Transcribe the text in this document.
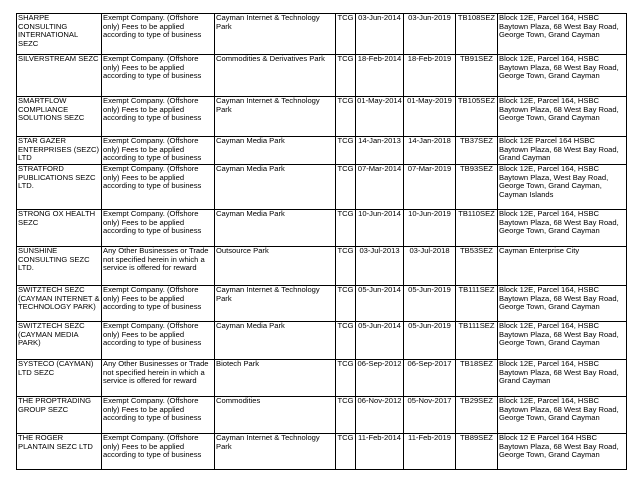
SHARPE CONSULTING INTERNATIONAL SEZC	Exempt Company. (Offshore only) Fees to be applied according to type of business	Cayman Internet & Technology Park	TCG	03-Jun-2014	03-Jun-2019	TB108SEZ	Block 12E, Parcel 164, HSBC Baytown Plaza, 68 West Bay Road, George Town, Grand Cayman
SILVERSTREAM SEZC	Exempt Company. (Offshore only) Fees to be applied according to type of business	Commodities & Derivatives Park	TCG	18-Feb-2014	18-Feb-2019	TB91SEZ	Block 12E, Parcel 164, HSBC Baytown Plaza, 68 West Bay Road, George Town, Grand Cayman
SMARTFLOW COMPLIANCE SOLUTIONS SEZC	Exempt Company. (Offshore only) Fees to be applied according to type of business	Cayman Internet & Technology Park	TCG	01-May-2014	01-May-2019	TB105SEZ	Block 12E, Parcel 164, HSBC Baytown Plaza, 68 West Bay Road, George Town, Grand Cayman
STAR GAZER ENTERPRISES (SEZC) LTD	Exempt Company. (Offshore only) Fees to be applied according to type of business	Cayman Media Park	TCG	14-Jan-2013	14-Jan-2018	TB37SEZ	Block 12E Parcel 164 HSBC Baytown Plaza, 68 West Bay Road, Grand Cayman
STRATFORD PUBLICATIONS SEZC LTD.	Exempt Company. (Offshore only) Fees to be applied according to type of business	Cayman Media Park	TCG	07-Mar-2014	07-Mar-2019	TB93SEZ	Block 12E, Parcel 164, HSBC Baytown Plaza, West Bay Road, George Town, Grand Cayman, Cayman Islands
STRONG OX HEALTH SEZC	Exempt Company. (Offshore only) Fees to be applied according to type of business	Cayman Media Park	TCG	10-Jun-2014	10-Jun-2019	TB110SEZ	Block 12E, Parcel 164, HSBC Baytown Plaza, 68 West Bay Road, George Town, Grand Cayman
SUNSHINE CONSULTING SEZC LTD.	Any Other Businesses or Trade not specified herein in which a service is offered for reward	Outsource Park	TCG	03-Jul-2013	03-Jul-2018	TB53SEZ	Cayman Enterprise City
SWITZTECH SEZC (CAYMAN INTERNET & TECHNOLOGY PARK)	Exempt Company. (Offshore only) Fees to be applied according to type of business	Cayman Internet & Technology Park	TCG	05-Jun-2014	05-Jun-2019	TB111SEZ	Block 12E, Parcel 164, HSBC Baytown Plaza, 68 West Bay Road, George Town, Grand Cayman
SWITZTECH SEZC (CAYMAN MEDIA PARK)	Exempt Company. (Offshore only) Fees to be applied according to type of business	Cayman Media Park	TCG	05-Jun-2014	05-Jun-2019	TB111SEZ	Block 12E, Parcel 164, HSBC Baytown Plaza, 68 West Bay Road, George Town, Grand Cayman
SYSTECO (CAYMAN) LTD SEZC	Any Other Businesses or Trade not specified herein in which a service is offered for reward	Biotech Park	TCG	06-Sep-2012	06-Sep-2017	TB18SEZ	Block 12E, Parcel 164, HSBC Baytown Plaza, 68 West Bay Road, Grand Cayman
THE PROPTRADING GROUP SEZC	Exempt Company. (Offshore only) Fees to be applied according to type of business	Commodities	TCG	06-Nov-2012	05-Nov-2017	TB29SEZ	Block 12E, Parcel 164, HSBC Baytown Plaza, 68 West Bay Road, George Town, Grand Cayman
THE ROGER PLANTAIN SEZC LTD	Exempt Company. (Offshore only) Fees to be applied according to type of business	Cayman Internet & Technology Park	TCG	11-Feb-2014	11-Feb-2019	TB89SEZ	Block 12 E Parcel 164 HSBC Baytown Plaza, 68 West Bay Road, George Town, Grand Cayman
